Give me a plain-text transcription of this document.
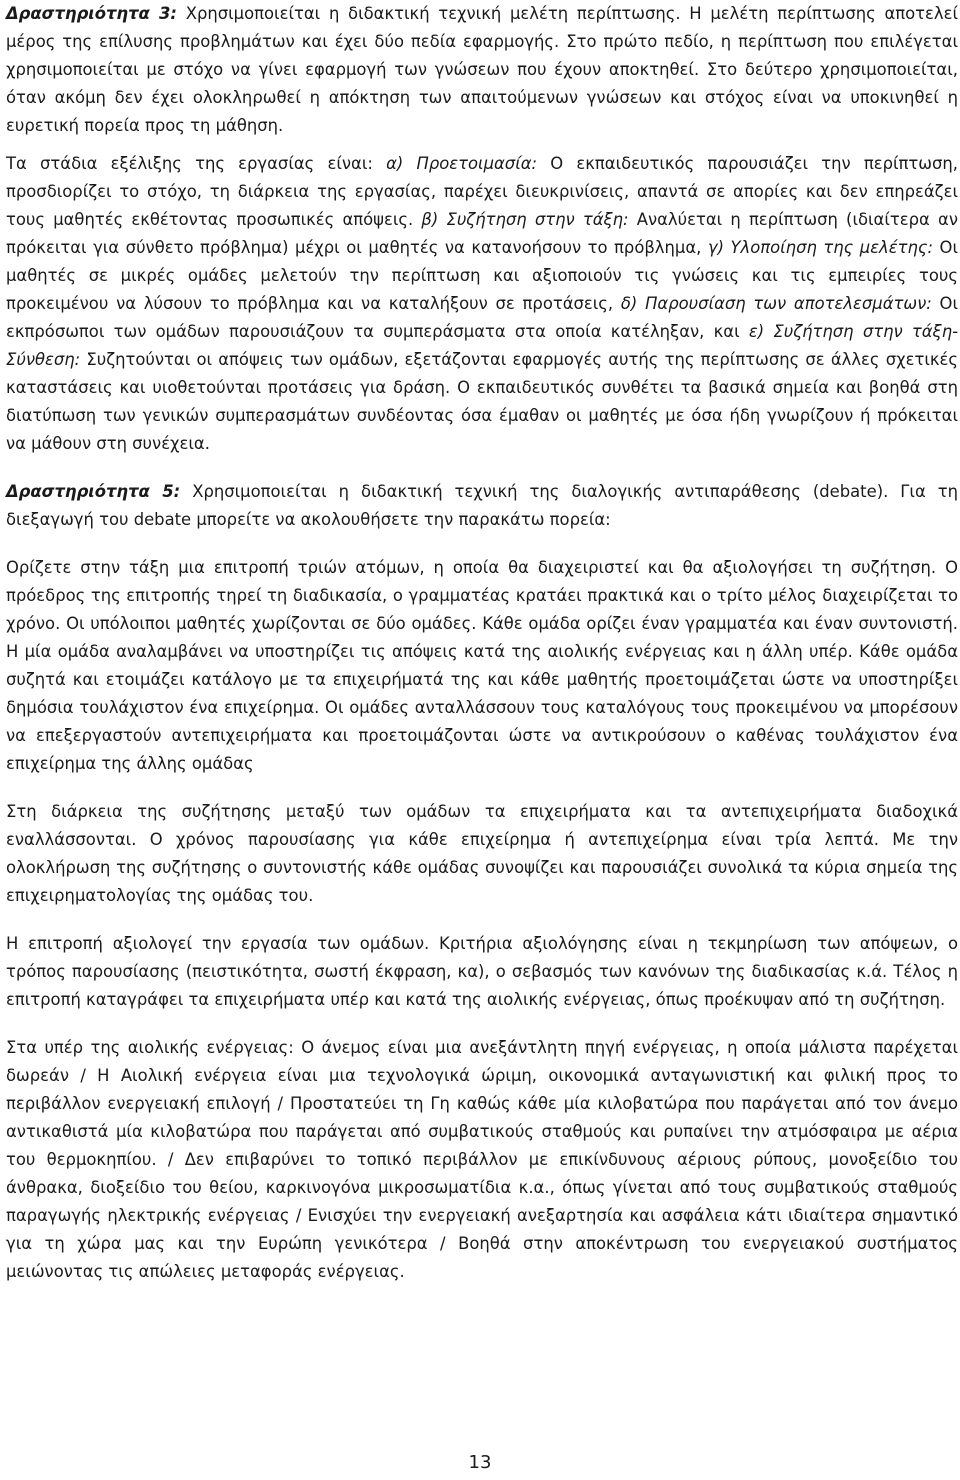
Δραστηριότητα 3: Χρησιμοποιείται η διδακτική τεχνική μελέτη περίπτωσης. Η μελέτη περίπτωσης αποτελεί μέρος της επίλυσης προβλημάτων και έχει δύο πεδία εφαρμογής. Στο πρώτο πεδίο, η περίπτωση που επιλέγεται χρησιμοποιείται με στόχο να γίνει εφαρμογή των γνώσεων που έχουν αποκτηθεί. Στο δεύτερο χρησιμοποιείται, όταν ακόμη δεν έχει ολοκληρωθεί η απόκτηση των απαιτούμενων γνώσεων και στόχος είναι να υποκινηθεί η ευρετική πορεία προς τη μάθηση.

Τα στάδια εξέλιξης της εργασίας είναι: α) Προετοιμασία: Ο εκπαιδευτικός παρουσιάζει την περίπτωση, προσδιορίζει το στόχο, τη διάρκεια της εργασίας, παρέχει διευκρινίσεις, απαντά σε απορίες και δεν επηρεάζει τους μαθητές εκθέτοντας προσωπικές απόψεις. β) Συζήτηση στην τάξη: Αναλύεται η περίπτωση (ιδιαίτερα αν πρόκειται για σύνθετο πρόβλημα) μέχρι οι μαθητές να κατανοήσουν το πρόβλημα, γ) Υλοποίηση της μελέτης: Οι μαθητές σε μικρές ομάδες μελετούν την περίπτωση και αξιοποιούν τις γνώσεις και τις εμπειρίες τους προκειμένου να λύσουν το πρόβλημα και να καταλήξουν σε προτάσεις, δ) Παρουσίαση των αποτελεσμάτων: Οι εκπρόσωποι των ομάδων παρουσιάζουν τα συμπεράσματα στα οποία κατέληξαν, και ε) Συζήτηση στην τάξη-Σύνθεση: Συζητούνται οι απόψεις των ομάδων, εξετάζονται εφαρμογές αυτής της περίπτωσης σε άλλες σχετικές καταστάσεις και υιοθετούνται προτάσεις για δράση. Ο εκπαιδευτικός συνθέτει τα βασικά σημεία και βοηθά στη διατύπωση των γενικών συμπερασμάτων συνδέοντας όσα έμαθαν οι μαθητές με όσα ήδη γνωρίζουν ή πρόκειται να μάθουν στη συνέχεια.

Δραστηριότητα 5: Χρησιμοποιείται η διδακτική τεχνική της διαλογικής αντιπαράθεσης (debate). Για τη διεξαγωγή του debate μπορείτε να ακολουθήσετε την παρακάτω πορεία:

Ορίζετε στην τάξη μια επιτροπή τριών ατόμων, η οποία θα διαχειριστεί και θα αξιολογήσει τη συζήτηση. Ο πρόεδρος της επιτροπής τηρεί τη διαδικασία, ο γραμματέας κρατάει πρακτικά και ο τρίτο μέλος διαχειρίζεται το χρόνο. Οι υπόλοιποι μαθητές χωρίζονται σε δύο ομάδες. Κάθε ομάδα ορίζει έναν γραμματέα και έναν συντονιστή. Η μία ομάδα αναλαμβάνει να υποστηρίζει τις απόψεις κατά της αιολικής ενέργειας και η άλλη υπέρ. Κάθε ομάδα συζητά και ετοιμάζει κατάλογο με τα επιχειρήματά της και κάθε μαθητής προετοιμάζεται ώστε να υποστηρίξει δημόσια τουλάχιστον ένα επιχείρημα. Οι ομάδες ανταλλάσσουν τους καταλόγους τους προκειμένου να μπορέσουν να επεξεργαστούν αντεπιχειρήματα και προετοιμάζονται ώστε να αντικρούσουν ο καθένας τουλάχιστον ένα επιχείρημα της άλλης ομάδας

Στη διάρκεια της συζήτησης μεταξύ των ομάδων τα επιχειρήματα και τα αντεπιχειρήματα διαδοχικά εναλλάσσονται. Ο χρόνος παρουσίασης για κάθε επιχείρημα ή αντεπιχείρημα είναι τρία λεπτά. Με την ολοκλήρωση της συζήτησης ο συντονιστής κάθε ομάδας συνοψίζει και παρουσιάζει συνολικά τα κύρια σημεία της επιχειρηματολογίας της ομάδας του.

Η επιτροπή αξιολογεί την εργασία των ομάδων. Κριτήρια αξιολόγησης είναι η τεκμηρίωση των απόψεων, ο τρόπος παρουσίασης (πειστικότητα, σωστή έκφραση, κα), ο σεβασμός των κανόνων της διαδικασίας κ.ά. Τέλος η επιτροπή καταγράφει τα επιχειρήματα υπέρ και κατά της αιολικής ενέργειας, όπως προέκυψαν από τη συζήτηση.

Στα υπέρ της αιολικής ενέργειας: Ο άνεμος είναι μια ανεξάντλητη πηγή ενέργειας, η οποία μάλιστα παρέχεται δωρεάν / Η Αιολική ενέργεια είναι μια τεχνολογικά ώριμη, οικονομικά ανταγωνιστική και φιλική προς το περιβάλλον ενεργειακή επιλογή / Προστατεύει τη Γη καθώς κάθε μία κιλοβατώρα που παράγεται από τον άνεμο αντικαθιστά μία κιλοβατώρα που παράγεται από συμβατικούς σταθμούς και ρυπαίνει την ατμόσφαιρα με αέρια του θερμοκηπίου. / Δεν επιβαρύνει το τοπικό περιβάλλον με επικίνδυνους αέριους ρύπους, μονοξείδιο του άνθρακα, διοξείδιο του θείου, καρκινογόνα μικροσωματίδια κ.α., όπως γίνεται από τους συμβατικούς σταθμούς παραγωγής ηλεκτρικής ενέργειας / Ενισχύει την ενεργειακή ανεξαρτησία και ασφάλεια κάτι ιδιαίτερα σημαντικό για τη χώρα μας και την Ευρώπη γενικότερα / Βοηθά στην αποκέντρωση του ενεργειακού συστήματος μειώνοντας τις απώλειες μεταφοράς ενέργειας.

13
